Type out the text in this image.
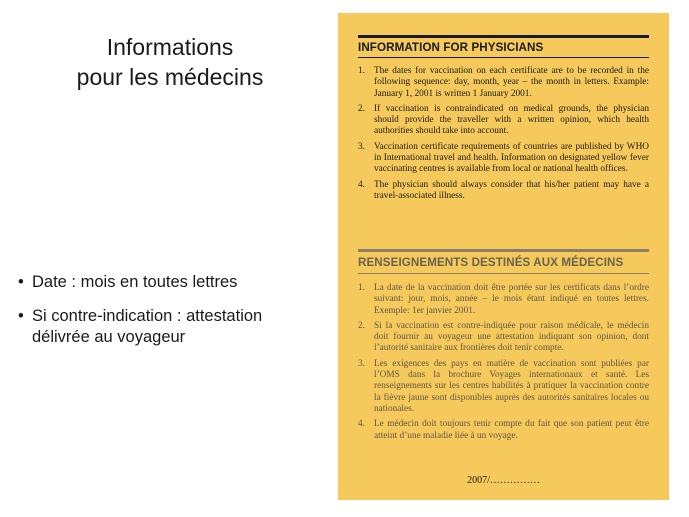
Informations
pour les médecins
• Date : mois en toutes lettres
• Si contre-indication : attestation délivrée au voyageur
INFORMATION FOR PHYSICIANS
1. The dates for vaccination on each certificate are to be recorded in the following sequence: day, month, year – the month in letters. Example: January 1, 2001 is written 1 January 2001.
2. If vaccination is contraindicated on medical grounds, the physician should provide the traveller with a written opinion, which health authorities should take into account.
3. Vaccination certificate requirements of countries are published by WHO in International travel and health. Information on designated yellow fever vaccinating centres is available from local or national health offices.
4. The physician should always consider that his/her patient may have a travel-associated illness.
RENSEIGNEMENTS DESTINÉS AUX MÉDECINS
1. La date de la vaccination doit être portée sur les certificats dans l’ordre suivant: jour, mois, année – le mois étant indiqué en toutes lettres. Exemple: 1er janvier 2001.
2. Si la vaccination est contre-indiquée pour raison médicale, le médecin doit fournir au voyageur une attestation indiquant son opinion, dont l’autorité sanitaire aux frontières doit tenir compte.
3. Les exigences des pays en matière de vaccination sont publiées par l’OMS dans la brochure Voyages internationaux et santé. Les renseignements sur les centres habilités à pratiquer la vaccination contre la fièvre jaune sont disponibles auprès des autorités sanitaires locales ou nationales.
4. Le médecin doit toujours tenir compte du fait que son patient peut être atteint d’une maladie liée à un voyage.
2007/……………
